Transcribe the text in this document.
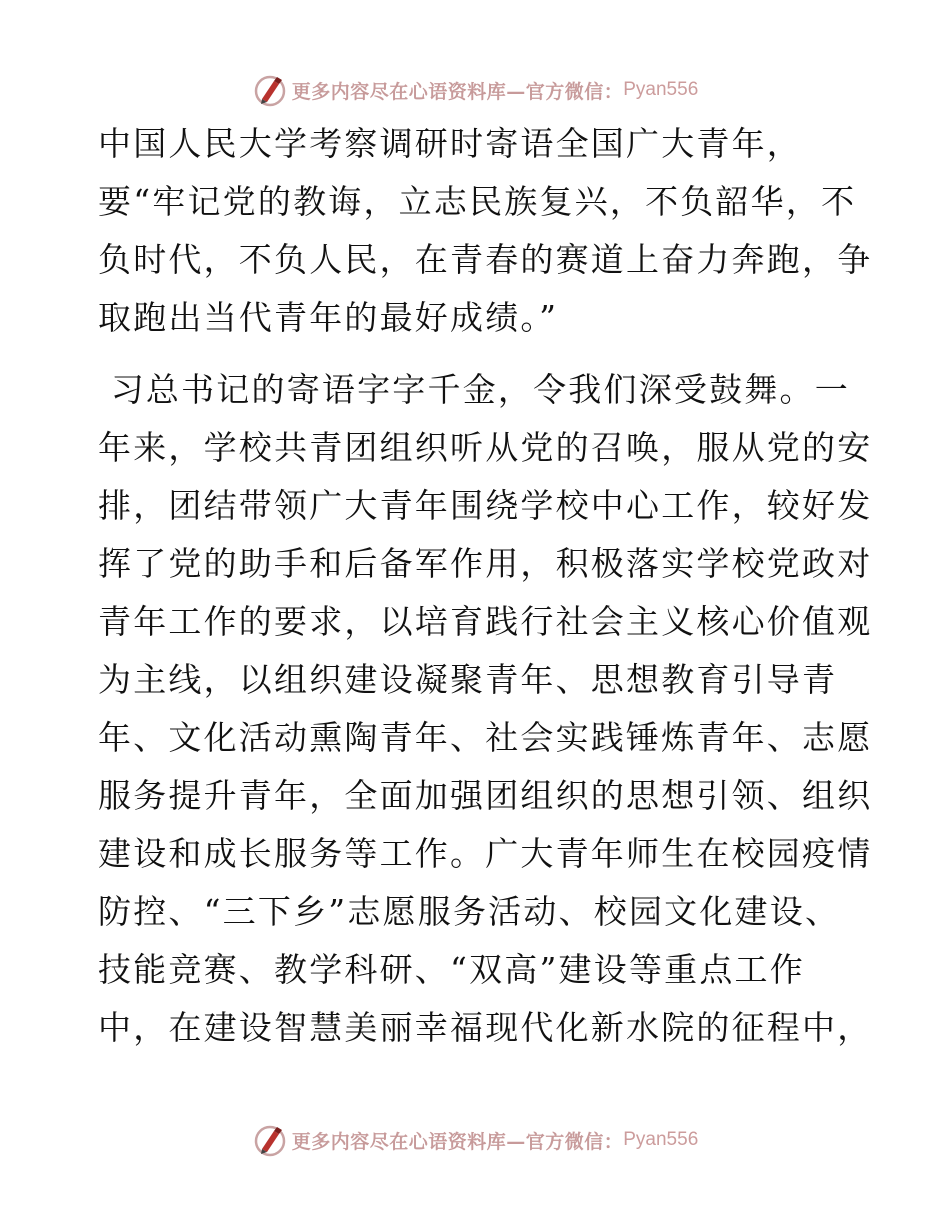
更多内容尽在心语资料库—官方微信： Pyan556
中国人民大学考察调研时寄语全国广大青年，
要“牢记党的教诲，立志民族复兴，不负韶华，不
负时代，不负人民，在青春的赛道上奋力奔跑，争
取跑出当代青年的最好成绩。”
习总书记的寄语字字千金，令我们深受鼓舞。一
年来，学校共青团组织听从党的召唤，服从党的安
排，团结带领广大青年围绕学校中心工作，较好发
挥了党的助手和后备军作用，积极落实学校党政对
青年工作的要求，以培育践行社会主义核心价值观
为主线，以组织建设凝聚青年、思想教育引导青
年、文化活动熏陶青年、社会实践锤炼青年、志愿
服务提升青年，全面加强团组织的思想引领、组织
建设和成长服务等工作。广大青年师生在校园疫情
防控、“三下乡”志愿服务活动、校园文化建设、
技能竞赛、教学科研、“双高”建设等重点工作
中，在建设智慧美丽幸福现代化新水院的征程中，
更多内容尽在心语资料库—官方微信： Pyan556
